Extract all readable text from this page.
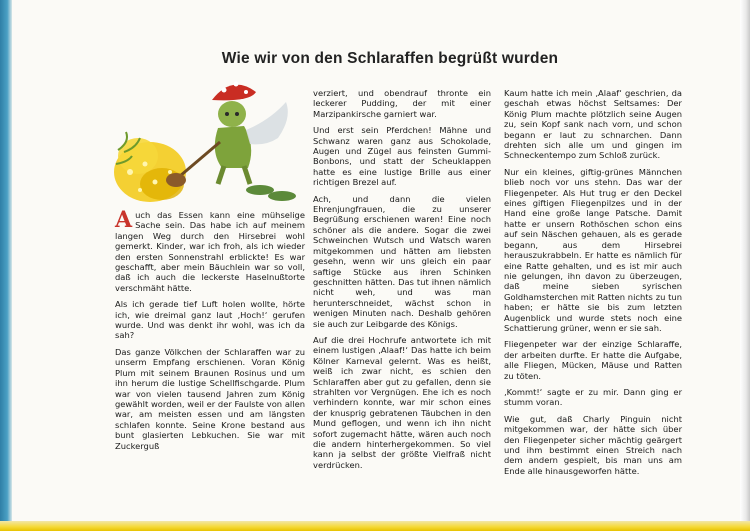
Wie wir von den Schlaraffen begrüßt wurden

Auch das Essen kann eine mühselige Sache sein. Das habe ich auf meinem langen Weg durch den Hirsebrei wohl gemerkt. Kinder, war ich froh, als ich wieder den ersten Sonnenstrahl erblickte! Es war geschafft, aber mein Bäuchlein war so voll, daß ich auch die leckerste Haselnußtorte verschmäht hätte.

Als ich gerade tief Luft holen wollte, hörte ich, wie dreimal ganz laut ‚Hoch!‘ gerufen wurde. Und was denkt ihr wohl, was ich da sah?

Das ganze Völkchen der Schlaraffen war zu unserm Empfang erschienen. Voran König Plum mit seinem Braunen Rosinus und um ihn herum die lustige Schellfischgarde. Plum war von vielen tausend Jahren zum König gewählt worden, weil er der Faulste von allen war, am meisten essen und am längsten schlafen konnte. Seine Krone bestand aus bunt glasierten Lebkuchen. Sie war mit Zuckerguß

verziert, und obendrauf thronte ein leckerer Pudding, der mit einer Marzipankirsche garniert war.

Und erst sein Pferdchen! Mähne und Schwanz waren ganz aus Schokolade, Augen und Zügel aus feinsten Gummi-Bonbons, und statt der Scheuklappen hatte es eine lustige Brille aus einer richtigen Brezel auf.

Ach, und dann die vielen Ehrenjungfrauen, die zu unserer Begrüßung erschienen waren! Eine noch schöner als die andere. Sogar die zwei Schweinchen Wutsch und Watsch waren mitgekommen und hätten am liebsten gesehn, wenn wir uns gleich ein paar saftige Stücke aus ihren Schinken geschnitten hätten. Das tut ihnen nämlich nicht weh, und was man herunterschneidet, wächst schon in wenigen Minuten nach. Deshalb gehören sie auch zur Leibgarde des Königs.

Auf die drei Hochrufe antwortete ich mit einem lustigen ‚Alaaf!‘ Das hatte ich beim Kölner Karneval gelernt. Was es heißt, weiß ich zwar nicht, es schien den Schlaraffen aber gut zu gefallen, denn sie strahlten vor Vergnügen. Ehe ich es noch verhindern konnte, war mir schon eines der knusprig gebratenen Täubchen in den Mund geflogen, und wenn ich ihn nicht sofort zugemacht hätte, wären auch noch die andern hinterhergekommen. So viel kann ja selbst der größte Vielfraß nicht verdrücken.

Kaum hatte ich mein ‚Alaaf‘ geschrien, da geschah etwas höchst Seltsames: Der König Plum machte plötzlich seine Augen zu, sein Kopf sank nach vorn, und schon begann er laut zu schnarchen. Dann drehten sich alle um und gingen im Schneckentempo zum Schloß zurück.

Nur ein kleines, giftig-grünes Männchen blieb noch vor uns stehn. Das war der Fliegenpeter. Als Hut trug er den Deckel eines giftigen Fliegenpilzes und in der Hand eine große lange Patsche. Damit hatte er unsern Rothöschen schon eins auf sein Näschen gehauen, als es gerade begann, aus dem Hirsebrei herauszukrabbeln. Er hatte es nämlich für eine Ratte gehalten, und es ist mir auch nie gelungen, ihn davon zu überzeugen, daß meine sieben syrischen Goldhamsterchen mit Ratten nichts zu tun haben; er hätte sie bis zum letzten Augenblick und wurde stets noch eine Schattierung grüner, wenn er sie sah.

Fliegenpeter war der einzige Schlaraffe, der arbeiten durfte. Er hatte die Aufgabe, alle Fliegen, Mücken, Mäuse und Ratten zu töten.

‚Kommt!‘ sagte er zu mir. Dann ging er stumm voran.

Wie gut, daß Charly Pinguin nicht mitgekommen war, der hätte sich über den Fliegenpeter sicher mächtig geärgert und ihm bestimmt einen Streich nach dem andern gespielt, bis man uns am Ende alle hinausgeworfen hätte.
